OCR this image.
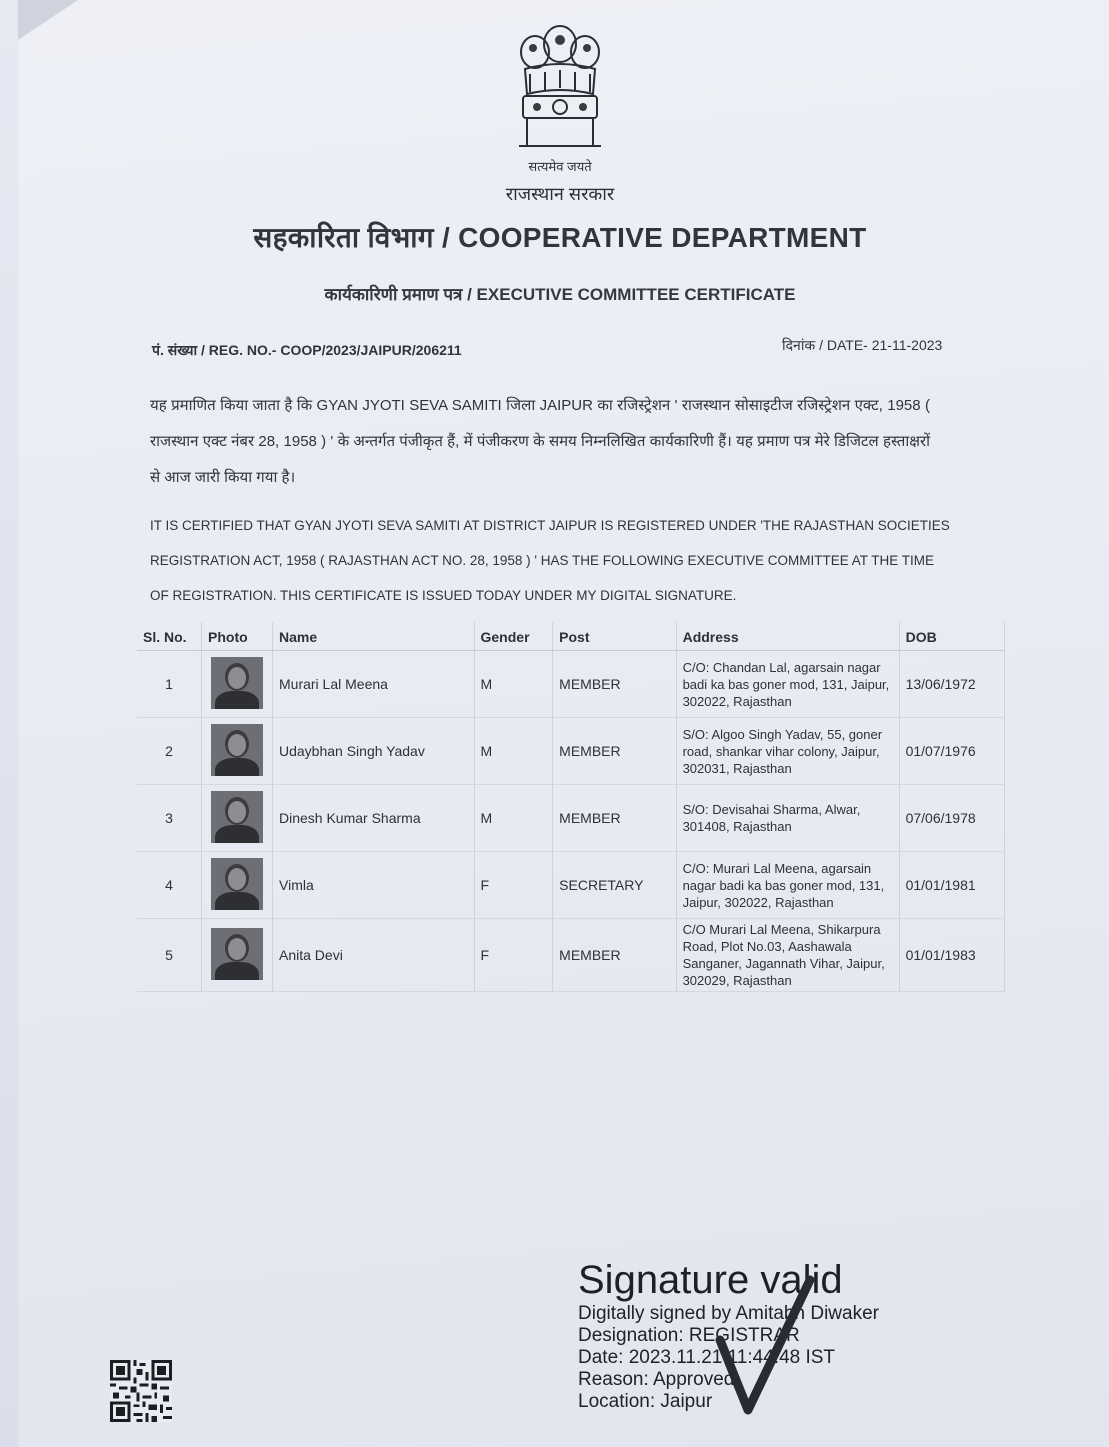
सत्यमेव जयते
राजस्थान सरकार
सहकारिता विभाग / COOPERATIVE DEPARTMENT
कार्यकारिणी प्रमाण पत्र / EXECUTIVE COMMITTEE CERTIFICATE
पं. संख्या / REG. NO.- COOP/2023/JAIPUR/206211	दिनांक / DATE- 21-11-2023
यह प्रमाणित किया जाता है कि GYAN JYOTI SEVA SAMITI जिला JAIPUR का रजिस्ट्रेशन ' राजस्थान सोसाइटीज रजिस्ट्रेशन एक्ट, 1958 ( राजस्थान एक्ट नंबर 28, 1958 ) ' के अन्तर्गत पंजीकृत हैं, में पंजीकरण के समय निम्नलिखित कार्यकारिणी हैं। यह प्रमाण पत्र मेरे डिजिटल हस्ताक्षरों से आज जारी किया गया है।
IT IS CERTIFIED THAT GYAN JYOTI SEVA SAMITI AT DISTRICT JAIPUR IS REGISTERED UNDER 'THE RAJASTHAN SOCIETIES REGISTRATION ACT, 1958 ( RAJASTHAN ACT NO. 28, 1958 ) ' HAS THE FOLLOWING EXECUTIVE COMMITTEE AT THE TIME OF REGISTRATION. THIS CERTIFICATE IS ISSUED TODAY UNDER MY DIGITAL SIGNATURE.
Sl. No.	Photo	Name	Gender	Post	Address	DOB
1		Murari Lal Meena	M	MEMBER	C/O: Chandan Lal, agarsain nagar badi ka bas goner mod, 131, Jaipur, 302022, Rajasthan	13/06/1972
2		Udaybhan Singh Yadav	M	MEMBER	S/O: Algoo Singh Yadav, 55, goner road, shankar vihar colony, Jaipur, 302031, Rajasthan	01/07/1976
3		Dinesh Kumar Sharma	M	MEMBER	S/O: Devisahai Sharma, Alwar, 301408, Rajasthan	07/06/1978
4		Vimla	F	SECRETARY	C/O: Murari Lal Meena, agarsain nagar badi ka bas goner mod, 131, Jaipur, 302022, Rajasthan	01/01/1981
5		Anita Devi	F	MEMBER	C/O Murari Lal Meena, Shikarpura Road, Plot No.03, Aashawala Sanganer, Jagannath Vihar, Jaipur, 302029, Rajasthan	01/01/1983
Signature valid
Digitally signed by Amitabh Diwaker
Designation: REGISTRAR
Date: 2023.11.21 11:44:48 IST
Reason: Approved
Location: Jaipur
